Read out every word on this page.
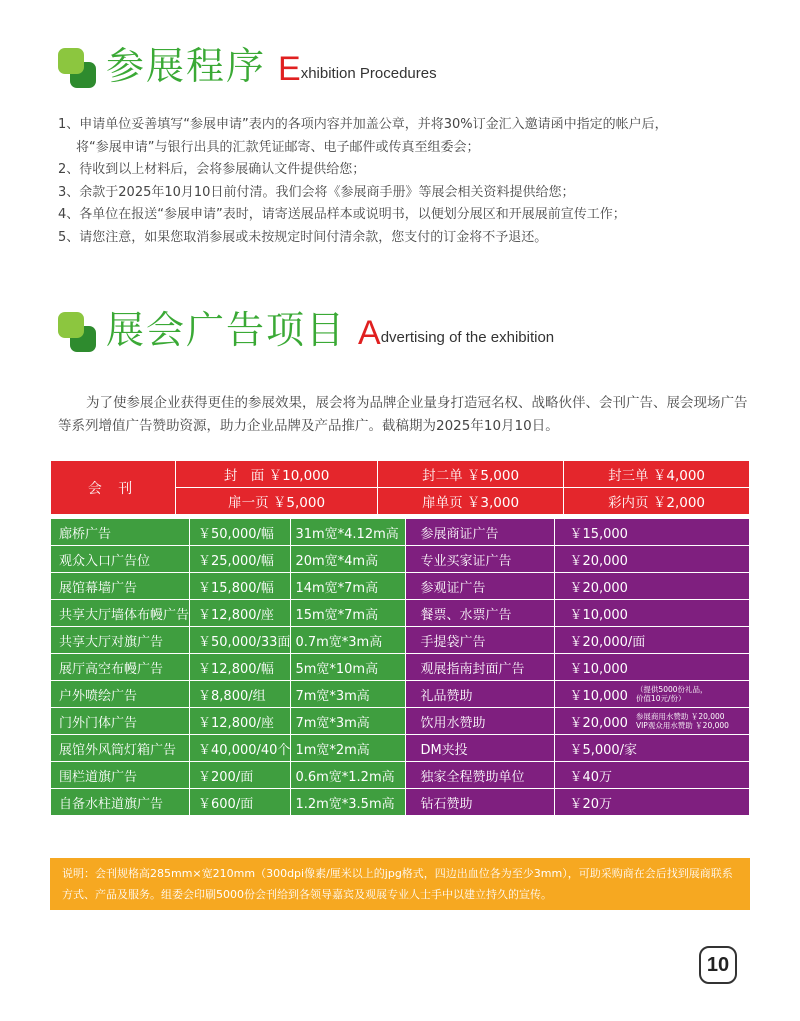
参展程序 E xhibition Procedures
1、申请单位妥善填写“参展申请”表内的各项内容并加盖公章，并将30%订金汇入邀请函中指定的帐户后，
将“参展申请”与银行出具的汇款凭证邮寄、电子邮件或传真至组委会；
2、待收到以上材料后，会将参展确认文件提供给您；
3、余款于2025年10月10日前付清。我们会将《参展商手册》等展会相关资料提供给您；
4、各单位在报送“参展申请”表时，请寄送展品样本或说明书，以便划分展区和开展展前宣传工作；
5、请您注意，如果您取消参展或未按规定时间付清余款，您支付的订金将不予退还。
展会广告项目 A dvertising of the exhibition
为了使参展企业获得更佳的参展效果，展会将为品牌企业量身打造冠名权、战略伙伴、会刊广告、展会现场广告等系列增值广告赞助资源，助力企业品牌及产品推广。截稿期为2025年10月10日。
会 刊	封　面 ￥10,000	封二单 ￥5,000	封三单 ￥4,000
	扉一页 ￥5,000	扉单页 ￥3,000	彩内页 ￥2,000
廊桥广告	￥50,000/幅	31m宽*4.12m高	参展商证广告	￥15,000

观众入口广告位	￥25,000/幅	20m宽*4m高	专业买家证广告	￥20,000

展馆幕墙广告	￥15,800/幅	14m宽*7m高	参观证广告	￥20,000

共享大厅墙体布幔广告	￥12,800/座	15m宽*7m高	餐票、水票广告	￥10,000

共享大厅对旗广告	￥50,000/33面	0.7m宽*3m高	手提袋广告	￥20,000/面

展厅高空布幔广告	￥12,800/幅	5m宽*10m高	观展指南封面广告	￥10,000

户外喷绘广告	￥8,800/组	7m宽*3m高	礼品赞助	￥10,000 （提供5000份礼品，
价值10元/份）

门外门体广告	￥12,800/座	7m宽*3m高	饮用水赞助	￥20,000 参展商用水赞助 ￥20,000
VIP观众用水赞助 ￥20,000

展馆外风筒灯箱广告	￥40,000/40个	1m宽*2m高	DM夹投	￥5,000/家

围栏道旗广告	￥200/面	0.6m宽*1.2m高	独家全程赞助单位	￥40万

自备水柱道旗广告	￥600/面	1.2m宽*3.5m高	钻石赞助	￥20万
说明：会刊规格高285mm×宽210mm（300dpi像素/厘米以上的jpg格式，四边出血位各为至少3mm），可助采购商在会后找到展商联系方式、产品及服务。组委会印刷5000份会刊给到各领导嘉宾及观展专业人士手中以建立持久的宣传。
10
